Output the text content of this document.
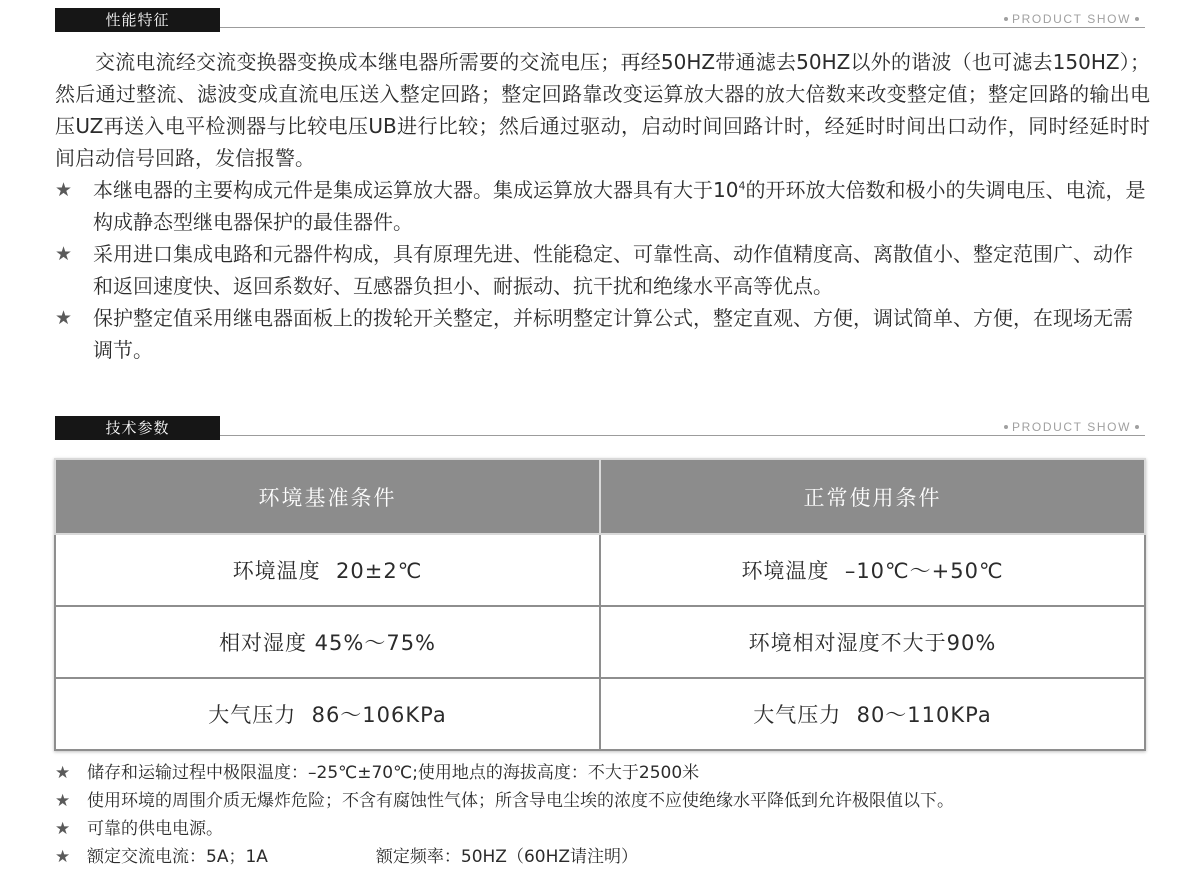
性能特征	PRODUCT SHOW

交流电流经交流变换器变换成本继电器所需要的交流电压；再经50HZ带通滤去50HZ以外的谐波（也可滤去150HZ）；然后通过整流、滤波变成直流电压送入整定回路；整定回路靠改变运算放大器的放大倍数来改变整定值；整定回路的输出电压UZ再送入电平检测器与比较电压UB进行比较；然后通过驱动，启动时间回路计时，经延时时间出口动作，同时经延时时间启动信号回路，发信报警。

★ 本继电器的主要构成元件是集成运算放大器。集成运算放大器具有大于$10^4$的开环放大倍数和极小的失调电压、电流，是构成静态型继电器保护的最佳器件。

★ 采用进口集成电路和元器件构成，具有原理先进、性能稳定、可靠性高、动作值精度高、离散值小、整定范围广、动作和返回速度快、返回系数好、互感器负担小、耐振动、抗干扰和绝缘水平高等优点。

★ 保护整定值采用继电器面板上的拨轮开关整定，并标明整定计算公式，整定直观、方便，调试简单、方便，在现场无需调节。

技术参数	PRODUCT SHOW
环境基准条件	正常使用条件
环境温度  20±2℃	环境温度  –10℃～+50℃
相对湿度 45%～75%	环境相对湿度不大于90%
大气压力  86～106KPa	大气压力  80～110KPa
★ 储存和运输过程中极限温度：–25℃±70℃;使用地点的海拔高度：不大于2500米
★ 使用环境的周围介质无爆炸危险；不含有腐蚀性气体；所含导电尘埃的浓度不应使绝缘水平降低到允许极限值以下。
★ 可靠的供电电源。
★ 额定交流电流：5A；1A	额定频率：50HZ（60HZ请注明）
